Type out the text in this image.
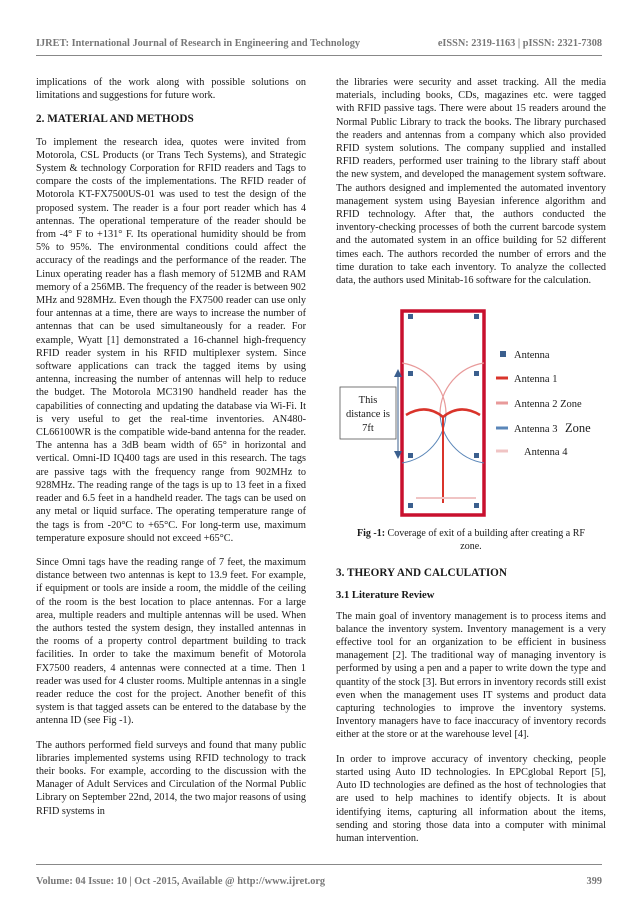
IJRET: International Journal of Research in Engineering and Technology	eISSN: 2319-1163 | pISSN: 2321-7308

implications of the work along with possible solutions on limitations and suggestions for future work.

2. MATERIAL AND METHODS

To implement the research idea, quotes were invited from Motorola, CSL Products (or Trans Tech Systems), and Strategic System & technology Corporation for RFID readers and Tags to compare the costs of the implementations. The RFID reader of Motorola KT-FX7500US-01 was used to test the design of the proposed system. The reader is a four port reader which has 4 antennas. The operational temperature of the reader should be from -4° F to +131° F. Its operational humidity should be from 5% to 95%. The environmental conditions could affect the accuracy of the readings and the performance of the reader. The Linux operating reader has a flash memory of 512MB and RAM memory of a 256MB. The frequency of the reader is between 902 MHz and 928MHz. Even though the FX7500 reader can use only four antennas at a time, there are ways to increase the number of antennas that can be used simultaneously for a reader. For example, Wyatt [1] demonstrated a 16-channel high-frequency RFID reader system in his RFID multiplexer system. Since software applications can track the tagged items by using antenna, increasing the number of antennas will help to reduce the budget. The Motorola MC3190 handheld reader has the capabilities of connecting and updating the database via Wi-Fi. It is very useful to get the real-time inventories. AN480-CL66100WR is the compatible wide-band antenna for the reader. The antenna has a 3dB beam width of 65° in horizontal and vertical. Omni-ID IQ400 tags are used in this research. The tags are passive tags with the frequency range from 902MHz to 928MHz. The reading range of the tags is up to 13 feet in a fixed reader and 6.5 feet in a handheld reader. The tags can be used on any metal or liquid surface. The operating temperature range of the tags is from -20°C to +65°C. For long-term use, maximum temperature exposure should not exceed +65°C.

Since Omni tags have the reading range of 7 feet, the maximum distance between two antennas is kept to 13.9 feet. For example, if equipment or tools are inside a room, the middle of the ceiling of the room is the best location to place antennas. For a large area, multiple readers and multiple antennas will be used. When the authors tested the system design, they installed antennas in the rooms of a property control department building to track facilities. In order to take the maximum benefit of Motorola FX7500 readers, 4 antennas were connected at a time. Then 1 reader was used for 4 cluster rooms. Multiple antennas in a single reader reduce the cost for the project. Another benefit of this system is that tagged assets can be entered to the database by the antenna ID (see Fig -1).

The authors performed field surveys and found that many public libraries implemented systems using RFID technology to track their books. For example, according to the discussion with the Manager of Adult Services and Circulation of the Normal Public Library on September 22nd, 2014, the two major reasons of using RFID systems in

the libraries were security and asset tracking. All the media materials, including books, CDs, magazines etc. were tagged with RFID passive tags. There were about 15 readers around the Normal Public Library to track the books. The library purchased the readers and antennas from a company which also provided RFID system solutions. The company supplied and installed RFID readers, performed user training to the library staff about the new system, and developed the management system software. The authors designed and implemented the automated inventory management system using Bayesian inference algorithm and RFID technology. After that, the authors conducted the inventory-checking processes of both the current barcode system and the automated system in an office building for 52 different times each. The authors recorded the number of errors and the time duration to take each inventory. To analyze the collected data, the authors used Minitab-16 software for the calculation.

This
distance is
7ft
Antenna
Antenna 1
Antenna 2 Zone
Antenna 3 Zone
Antenna 4
Fig -1: Coverage of exit of a building after creating a RF zone.
3. THEORY AND CALCULATION
3.1 Literature Review

The main goal of inventory management is to process items and balance the inventory system. Inventory management is a very effective tool for an organization to be efficient in business management [2]. The traditional way of managing inventory is performed by using a pen and a paper to write down the type and quantity of the stock [3]. But errors in inventory records still exist even when the management uses IT systems and product data capturing technologies to improve the inventory systems. Inventory managers have to face inaccuracy of inventory records either at the store or at the warehouse level [4].

In order to improve accuracy of inventory checking, people started using Auto ID technologies. In EPCglobal Report [5], Auto ID technologies are defined as the host of technologies that are used to help machines to identify objects. It is about identifying items, capturing all information about the items, sending and storing those data into a computer with minimal human intervention.

Volume: 04 Issue: 10 | Oct -2015, Available @ http://www.ijret.org	399
